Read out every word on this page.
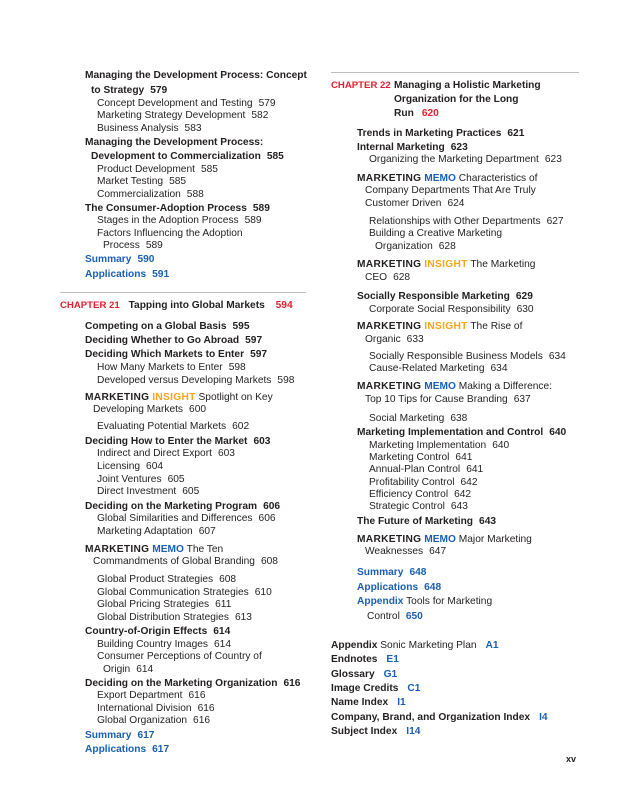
Managing the Development Process: Concept
to Strategy 579
Concept Development and Testing 579
Marketing Strategy Development 582
Business Analysis 583
Managing the Development Process:
Development to Commercialization 585
Product Development 585
Market Testing 585
Commercialization 588
The Consumer-Adoption Process 589
Stages in the Adoption Process 589
Factors Influencing the Adoption
Process 589
Summary 590
Applications 591
CHAPTER 21 Tapping into Global Markets 594
Competing on a Global Basis 595
Deciding Whether to Go Abroad 597
Deciding Which Markets to Enter 597
How Many Markets to Enter 598
Developed versus Developing Markets 598
MARKETING INSIGHT Spotlight on Key
Developing Markets 600
Evaluating Potential Markets 602
Deciding How to Enter the Market 603
Indirect and Direct Export 603
Licensing 604
Joint Ventures 605
Direct Investment 605
Deciding on the Marketing Program 606
Global Similarities and Differences 606
Marketing Adaptation 607
MARKETING MEMO The Ten
Commandments of Global Branding 608
Global Product Strategies 608
Global Communication Strategies 610
Global Pricing Strategies 611
Global Distribution Strategies 613
Country-of-Origin Effects 614
Building Country Images 614
Consumer Perceptions of Country of
Origin 614
Deciding on the Marketing Organization 616
Export Department 616
International Division 616
Global Organization 616
Summary 617
Applications 617
CHAPTER 22 Managing a Holistic Marketing
Organization for the Long
Run 620
Trends in Marketing Practices 621
Internal Marketing 623
Organizing the Marketing Department 623
MARKETING MEMO Characteristics of
Company Departments That Are Truly
Customer Driven 624
Relationships with Other Departments 627
Building a Creative Marketing
Organization 628
MARKETING INSIGHT The Marketing
CEO 628
Socially Responsible Marketing 629
Corporate Social Responsibility 630
MARKETING INSIGHT The Rise of
Organic 633
Socially Responsible Business Models 634
Cause-Related Marketing 634
MARKETING MEMO Making a Difference:
Top 10 Tips for Cause Branding 637
Social Marketing 638
Marketing Implementation and Control 640
Marketing Implementation 640
Marketing Control 641
Annual-Plan Control 641
Profitability Control 642
Efficiency Control 642
Strategic Control 643
The Future of Marketing 643
MARKETING MEMO Major Marketing
Weaknesses 647
Summary 648
Applications 648
Appendix Tools for Marketing
Control 650
Appendix Sonic Marketing Plan A1
Endnotes E1
Glossary G1
Image Credits C1
Name Index I1
Company, Brand, and Organization Index I4
Subject Index I14
xv
